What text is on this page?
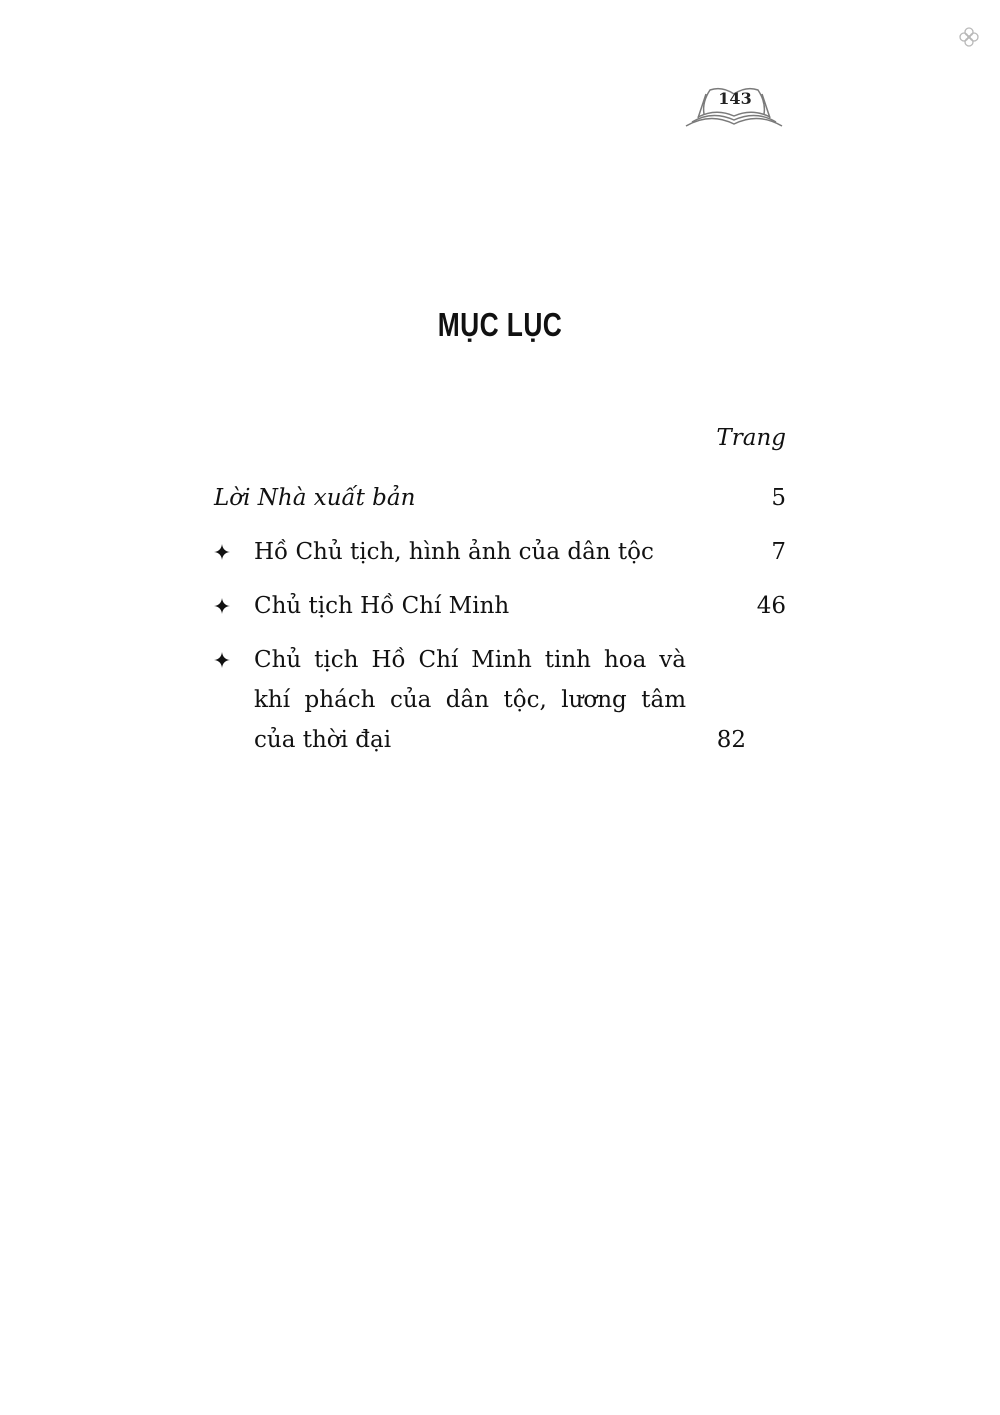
143
MỤC LỤC
Trang
Lời Nhà xuất bản	5
Hồ Chủ tịch, hình ảnh của dân tộc	7
Chủ tịch Hồ Chí Minh	46
Chủ tịch Hồ Chí Minh tinh hoa và khí phách của dân tộc, lương tâm của thời đại	82
